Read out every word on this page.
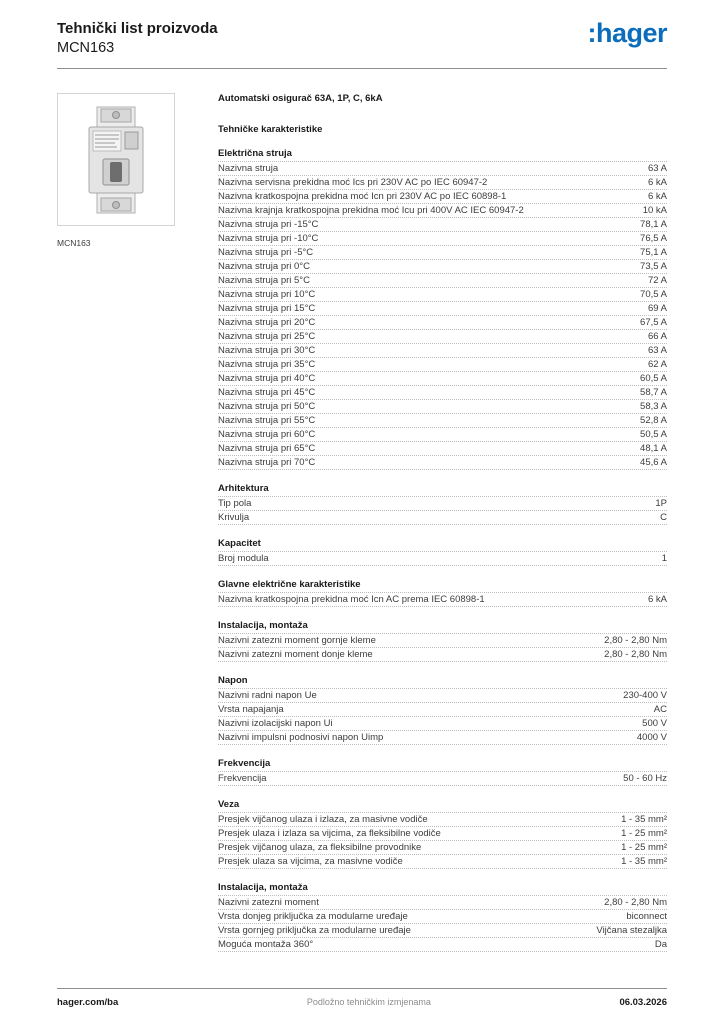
Tehnički list proizvoda
MCN163
:hager
MCN163
Automatski osigurač 63A, 1P, C, 6kA
Tehničke karakteristike
Električna struja
Nazivna struja	63 A
Nazivna servisna prekidna moć Ics pri 230V AC po IEC 60947-2	6 kA
Nazivna kratkospojna prekidna moć Icn pri 230V AC po IEC 60898-1	6 kA
Nazivna krajnja kratkospojna prekidna moć Icu pri 400V AC IEC 60947-2	10 kA
Nazivna struja pri -15°C	78,1 A
Nazivna struja pri -10°C	76,5 A
Nazivna struja pri -5°C	75,1 A
Nazivna struja pri 0°C	73,5 A
Nazivna struja pri 5°C	72 A
Nazivna struja pri 10°C	70,5 A
Nazivna struja pri 15°C	69 A
Nazivna struja pri 20°C	67,5 A
Nazivna struja pri 25°C	66 A
Nazivna struja pri 30°C	63 A
Nazivna struja pri 35°C	62 A
Nazivna struja pri 40°C	60,5 A
Nazivna struja pri 45°C	58,7 A
Nazivna struja pri 50°C	58,3 A
Nazivna struja pri 55°C	52,8 A
Nazivna struja pri 60°C	50,5 A
Nazivna struja pri 65°C	48,1 A
Nazivna struja pri 70°C	45,6 A
Arhitektura
Tip pola	1P
Krivulja	C
Kapacitet
Broj modula	1
Glavne električne karakteristike
Nazivna kratkospojna prekidna moć Icn AC prema IEC 60898-1	6 kA
Instalacija, montaža
Nazivni zatezni moment gornje kleme	2,80 - 2,80 Nm
Nazivni zatezni moment donje kleme	2,80 - 2,80 Nm
Napon
Nazivni radni napon Ue	230-400 V
Vrsta napajanja	AC
Nazivni izolacijski napon Ui	500 V
Nazivni impulsni podnosivi napon Uimp	4000 V
Frekvencija
Frekvencija	50 - 60 Hz
Veza
Presjek vijčanog ulaza i izlaza, za masivne vodiče	1 - 35 mm²
Presjek ulaza i izlaza sa vijcima, za fleksibilne vodiče	1 - 25 mm²
Presjek vijčanog ulaza, za fleksibilne provodnike	1 - 25 mm²
Presjek ulaza sa vijcima, za masivne vodiče	1 - 35 mm²
Instalacija, montaža
Nazivni zatezni moment	2,80 - 2,80 Nm
Vrsta donjeg priključka za modularne uređaje	biconnect
Vrsta gornjeg priključka za modularne uređaje	Vijčana stezaljka
Moguća montaža 360°	Da
hager.com/ba	Podložno tehničkim izmjenama	06.03.2026
